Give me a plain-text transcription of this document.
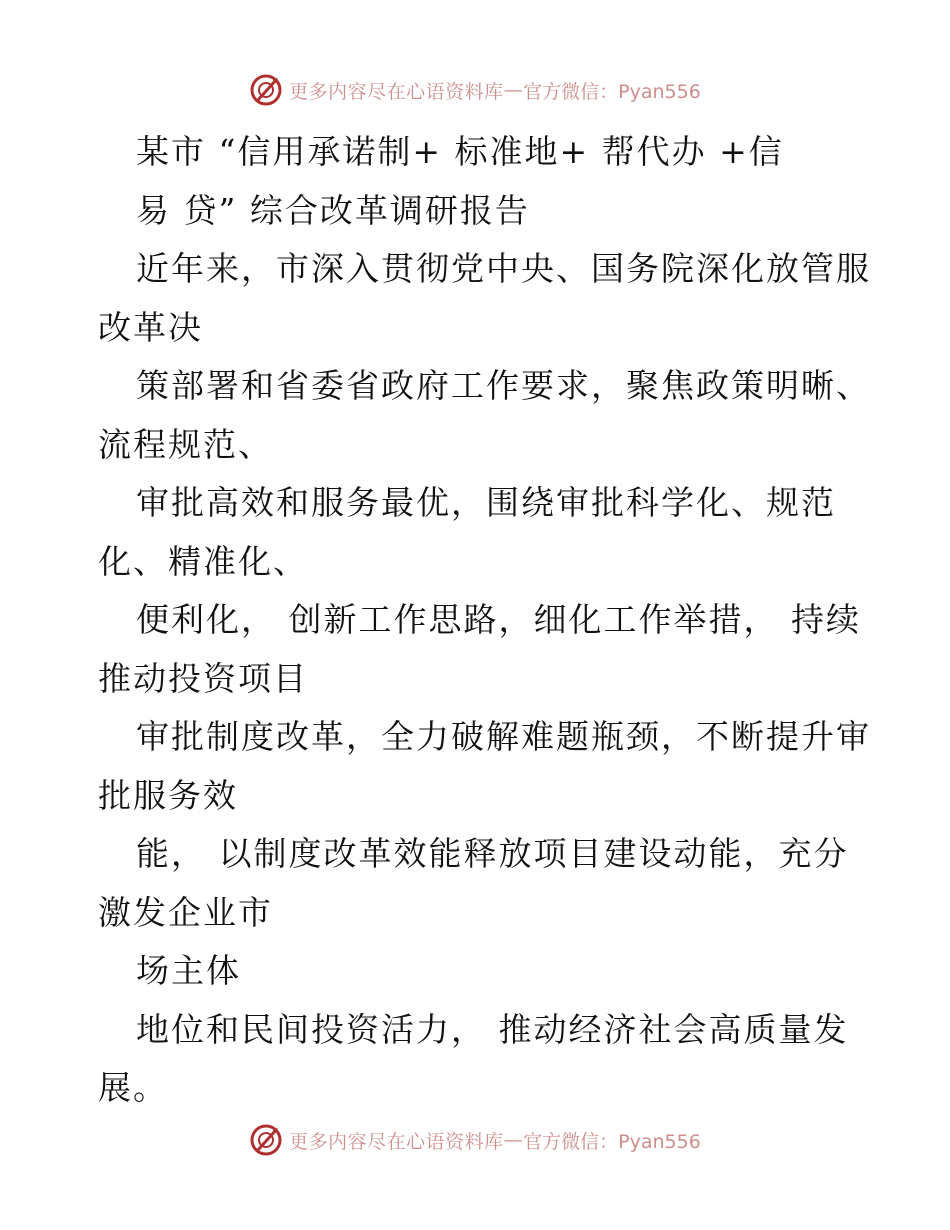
更多内容尽在心语资料库 — 官方微信：Pyan556
某市 “信用承诺制+ 标准地+ 帮代办 +信
易 贷” 综合改革调研报告
近年来，市深入贯彻党中央、国务院深化放管服
改革决
策部署和省委省政府工作要求，聚焦政策明晰、
流程规范、
审批高效和服务最优，围绕审批科学化、规范
化、精准化、
便利化， 创新工作思路，细化工作举措， 持续
推动投资项目
审批制度改革，全力破解难题瓶颈，不断提升审
批服务效
能， 以制度改革效能释放项目建设动能，充分
激发企业市
场主体
地位和民间投资活力， 推动经济社会高质量发
展。
更多内容尽在心语资料库 — 官方微信：Pyan556
